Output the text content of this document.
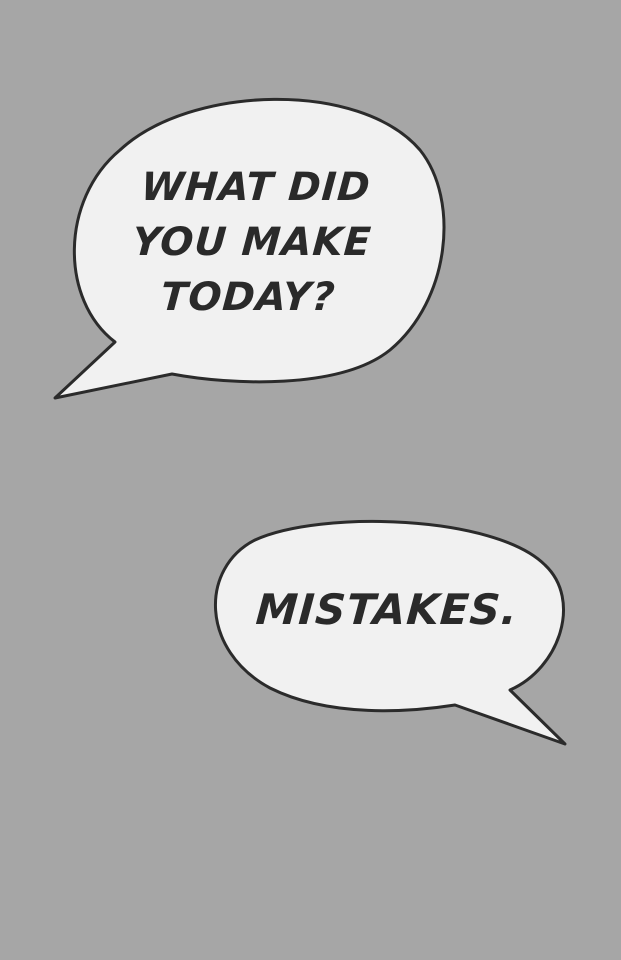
WHAT DID
YOU MAKE
TODAY?

MISTAKES.
